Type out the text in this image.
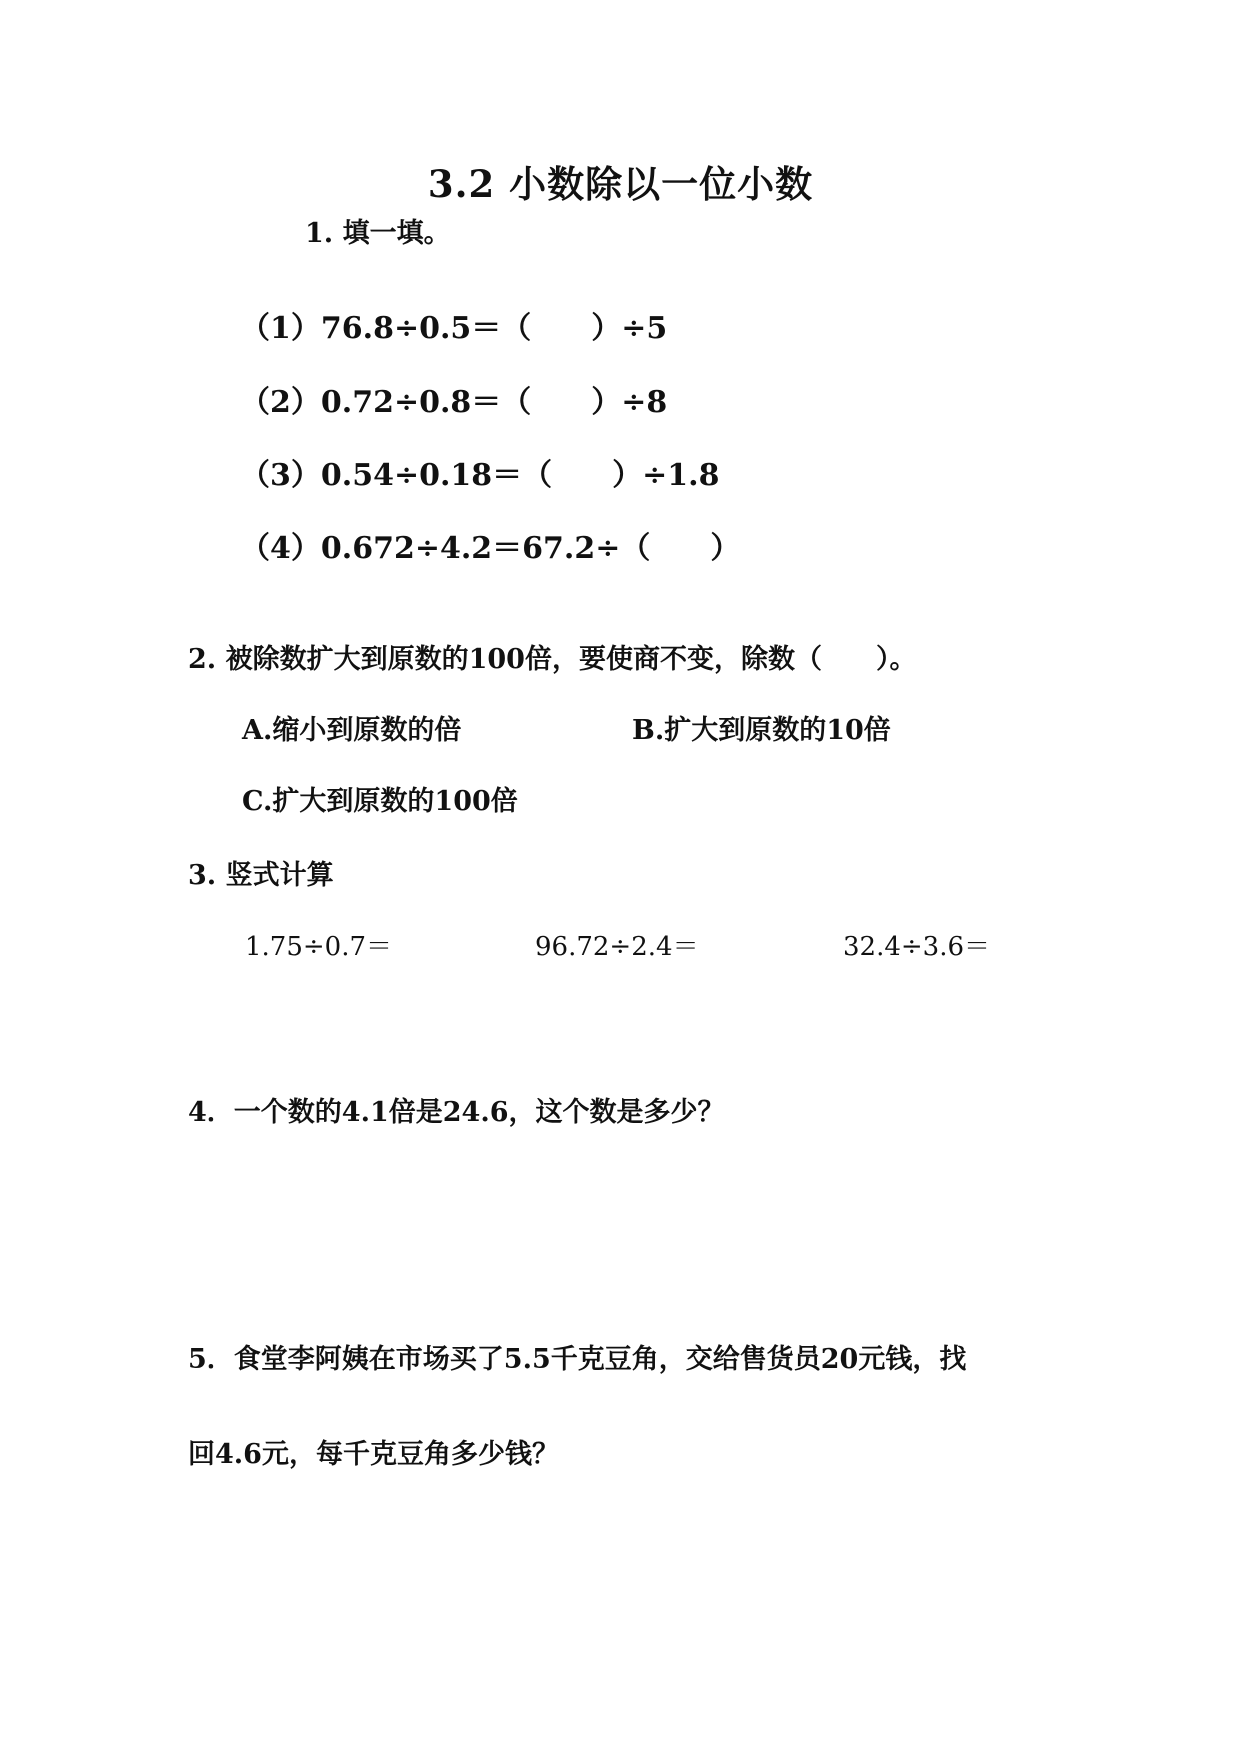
3.2 小数除以一位小数
1. 填一填。
（1）76.8÷0.5＝（　　）÷5
（2）0.72÷0.8＝（　　）÷8
（3）0.54÷0.18＝（　　）÷1.8
（4）0.672÷4.2＝67.2÷（　　）
2. 被除数扩大到原数的100倍，要使商不变，除数（　　）。
A.缩小到原数的倍	B.扩大到原数的10倍
C.扩大到原数的100倍
3. 竖式计算
1.75÷0.7＝	96.72÷2.4＝	32.4÷3.6＝
4．一个数的4.1倍是24.6，这个数是多少？
5．食堂李阿姨在市场买了5.5千克豆角，交给售货员20元钱，找
回4.6元，每千克豆角多少钱？
